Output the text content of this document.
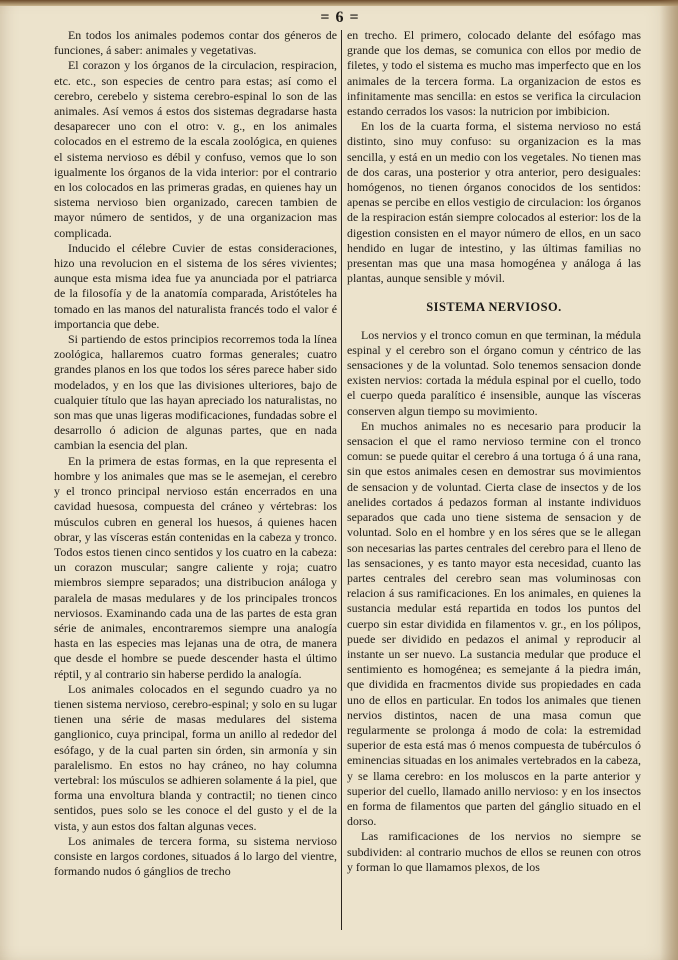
= 6 =

En todos los animales podemos contar dos géneros de funciones, á saber: animales y vegetativas.

El corazon y los órganos de la circulacion, respiracion, etc. etc., son especies de centro para estas; así como el cerebro, cerebelo y sistema cerebro-espinal lo son de las animales. Así vemos á estos dos sistemas degradarse hasta desaparecer uno con el otro: v. g., en los animales colocados en el estremo de la escala zoológica, en quienes el sistema nervioso es débil y confuso, vemos que lo son igualmente los órganos de la vida interior: por el contrario en los colocados en las primeras gradas, en quienes hay un sistema nervioso bien organizado, carecen tambien de mayor número de sentidos, y de una organizacion mas complicada.

Inducido el célebre Cuvier de estas consideraciones, hizo una revolucion en el sistema de los séres vivientes; aunque esta misma idea fue ya anunciada por el patriarca de la filosofía y de la anatomía comparada, Aristóteles ha tomado en las manos del naturalista francés todo el valor é importancia que debe.

Si partiendo de estos principios recorremos toda la línea zoológica, hallaremos cuatro formas generales; cuatro grandes planos en los que todos los séres parece haber sido modelados, y en los que las divisiones ulteriores, bajo de cualquier título que las hayan apreciado los naturalistas, no son mas que unas ligeras modificaciones, fundadas sobre el desarrollo ó adicion de algunas partes, que en nada cambian la esencia del plan.

En la primera de estas formas, en la que representa el hombre y los animales que mas se le asemejan, el cerebro y el tronco principal nervioso están encerrados en una cavidad huesosa, compuesta del cráneo y vértebras: los músculos cubren en general los huesos, á quienes hacen obrar, y las vísceras están contenidas en la cabeza y tronco. Todos estos tienen cinco sentidos y los cuatro en la cabeza: un corazon muscular; sangre caliente y roja; cuatro miembros siempre separados; una distribucion análoga y paralela de masas medulares y de los principales troncos nerviosos. Examinando cada una de las partes de esta gran série de animales, encontraremos siempre una analogía hasta en las especies mas lejanas una de otra, de manera que desde el hombre se puede descender hasta el último réptil, y al contrario sin haberse perdido la analogía.

Los animales colocados en el segundo cuadro ya no tienen sistema nervioso, cerebro-espinal; y solo en su lugar tienen una série de masas medulares del sistema ganglionico, cuya principal, forma un anillo al rededor del esófago, y de la cual parten sin órden, sin armonía y sin paralelismo. En estos no hay cráneo, no hay columna vertebral: los músculos se adhieren solamente á la piel, que forma una envoltura blanda y contractil; no tienen cinco sentidos, pues solo se les conoce el del gusto y el de la vista, y aun estos dos faltan algunas veces.

Los animales de tercera forma, su sistema nervioso consiste en largos cordones, situados á lo largo del vientre, formando nudos ó gánglios de trecho

en trecho. El primero, colocado delante del esófago mas grande que los demas, se comunica con ellos por medio de filetes, y todo el sistema es mucho mas imperfecto que en los animales de la tercera forma. La organizacion de estos es infinitamente mas sencilla: en estos se verifica la circulacion estando cerrados los vasos: la nutricion por imbibicion.

En los de la cuarta forma, el sistema nervioso no está distinto, sino muy confuso: su organizacion es la mas sencilla, y está en un medio con los vegetales. No tienen mas de dos caras, una posterior y otra anterior, pero desiguales: homógenos, no tienen órganos conocidos de los sentidos: apenas se percibe en ellos vestigio de circulacion: los órganos de la respiracion están siempre colocados al esterior: los de la digestion consisten en el mayor número de ellos, en un saco hendido en lugar de intestino, y las últimas familias no presentan mas que una masa homogénea y análoga á las plantas, aunque sensible y móvil.

SISTEMA NERVIOSO.

Los nervios y el tronco comun en que terminan, la médula espinal y el cerebro son el órgano comun y céntrico de las sensaciones y de la voluntad. Solo tenemos sensacion donde existen nervios: cortada la médula espinal por el cuello, todo el cuerpo queda paralítico é insensible, aunque las vísceras conserven algun tiempo su movimiento.

En muchos animales no es necesario para producir la sensacion el que el ramo nervioso termine con el tronco comun: se puede quitar el cerebro á una tortuga ó á una rana, sin que estos animales cesen en demostrar sus movimientos de sensacion y de voluntad. Cierta clase de insectos y de los anelides cortados á pedazos forman al instante individuos separados que cada uno tiene sistema de sensacion y de voluntad. Solo en el hombre y en los séres que se le allegan son necesarias las partes centrales del cerebro para el lleno de las sensaciones, y es tanto mayor esta necesidad, cuanto las partes centrales del cerebro sean mas voluminosas con relacion á sus ramificaciones. En los animales, en quienes la sustancia medular está repartida en todos los puntos del cuerpo sin estar dividida en filamentos v. gr., en los pólipos, puede ser dividido en pedazos el animal y reproducir al instante un ser nuevo. La sustancia medular que produce el sentimiento es homogénea; es semejante á la piedra imán, que dividida en fracmentos divide sus propiedades en cada uno de ellos en particular. En todos los animales que tienen nervios distintos, nacen de una masa comun que regularmente se prolonga á modo de cola: la estremidad superior de esta está mas ó menos compuesta de tubérculos ó eminencias situadas en los animales vertebrados en la cabeza, y se llama cerebro: en los moluscos en la parte anterior y superior del cuello, llamado anillo nervioso: y en los insectos en forma de filamentos que parten del gánglio situado en el dorso.

Las ramificaciones de los nervios no siempre se subdividen: al contrario muchos de ellos se reunen con otros y forman lo que llamamos plexos, de los
